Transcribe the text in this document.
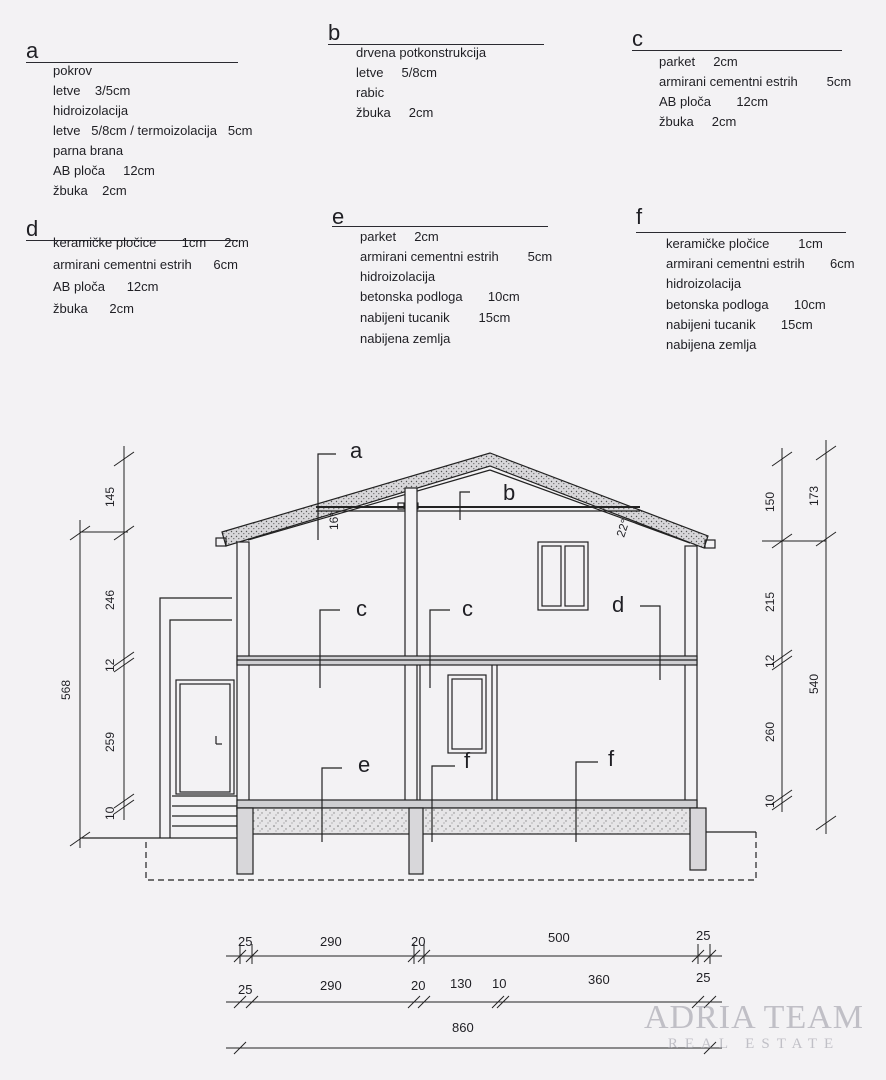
a
pokrov
letve    3/5cm
hidroizolacija
letve   5/8cm / termoizolacija   5cm
parna brana
AB ploča     12cm
žbuka    2cm
b
drvena potkonstrukcija
letve     5/8cm
rabic
žbuka     2cm
c
parket     2cm
armirani cementni estrih        5cm
AB ploča       12cm
žbuka     2cm
d
keramičke pločice       1cm     2cm
armirani cementni estrih      6cm
AB ploča      12cm
žbuka      2cm
e
parket     2cm
armirani cementni estrih        5cm
hidroizolacija
betonska podloga       10cm
nabijeni tucanik        15cm
nabijena zemlja
f
keramičke pločice        1cm
armirani cementni estrih       6cm
hidroizolacija
betonska podloga       10cm
nabijeni tucanik       15cm
nabijena zemlja
a
b
c	c	d
e	f	f
16°	22°
145
246
12
259
10
568
150
215
12
260
10
173
540
25	290	20	500	25
25	290	20 130 10	360	25
860	ADRIA TEAM
REAL ESTATE
